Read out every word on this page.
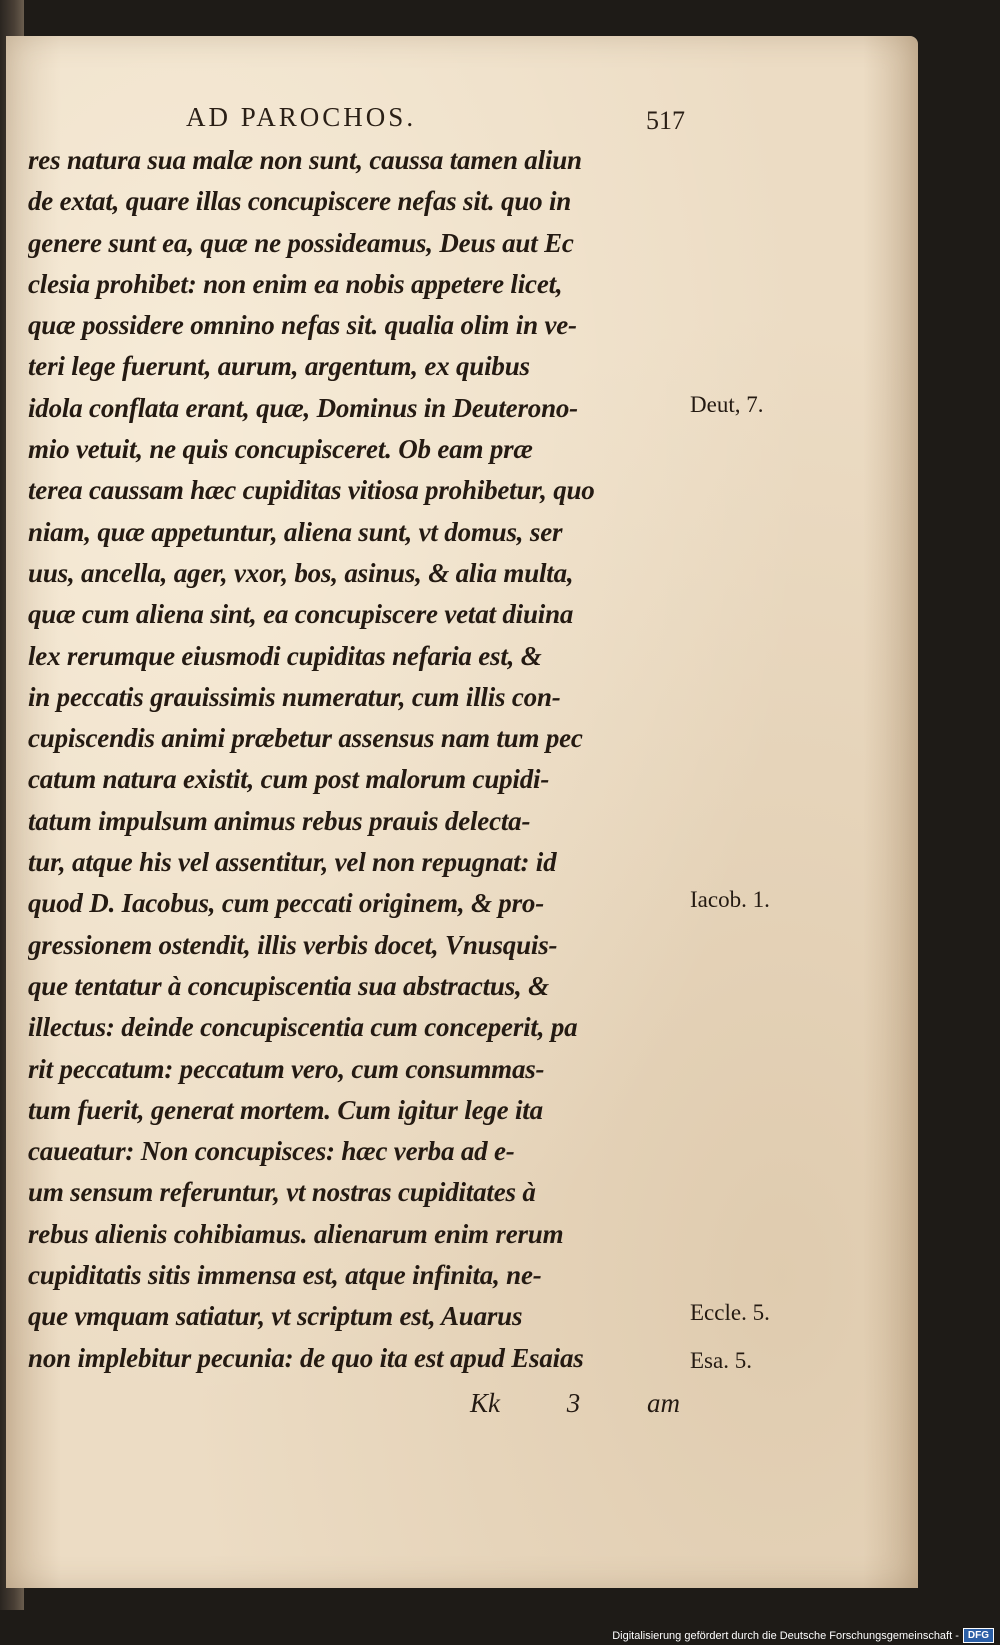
AD PAROCHOS.	517
res natura sua malæ non sunt, caussa tamen aliun
de extat, quare illas concupiscere nefas sit. quo in
genere sunt ea, quæ ne possideamus, Deus aut Ec
clesia prohibet: non enim ea nobis appetere licet,
quæ possidere omnino nefas sit. qualia olim in ve-
teri lege fuerunt, aurum, argentum, ex quibus
idola conflata erant, quæ, Dominus in Deuterono-
mio vetuit, ne quis concupisceret. Ob eam præ
terea caussam hæc cupiditas vitiosa prohibetur, quo
niam, quæ appetuntur, aliena sunt, vt domus, ser
uus, ancella, ager, vxor, bos, asinus, & alia multa,
quæ cum aliena sint, ea concupiscere vetat diuina
lex rerumque eiusmodi cupiditas nefaria est, &
in peccatis grauissimis numeratur, cum illis con-
cupiscendis animi præbetur assensus nam tum pec
catum natura existit, cum post malorum cupidi-
tatum impulsum animus rebus prauis delecta-
tur, atque his vel assentitur, vel non repugnat: id
quod D. Iacobus, cum peccati originem, & pro-
gressionem ostendit, illis verbis docet, Vnusquis-
que tentatur à concupiscentia sua abstractus, &
illectus: deinde concupiscentia cum conceperit, pa
rit peccatum: peccatum vero, cum consummas-
tum fuerit, generat mortem. Cum igitur lege ita
caueatur: Non concupisces: hæc verba ad e-
um sensum referuntur, vt nostras cupiditates à
rebus alienis cohibiamus. alienarum enim rerum
cupiditatis sitis immensa est, atque infinita, ne-
que vmquam satiatur, vt scriptum est, Auarus
non implebitur pecunia: de quo ita est apud Esaias
Kk 3 am
Deut, 7.
Iacob. 1.
Eccle. 5.
Esa. 5.
Digitalisierung gefördert durch die Deutsche Forschungsgemeinschaft - DFG
